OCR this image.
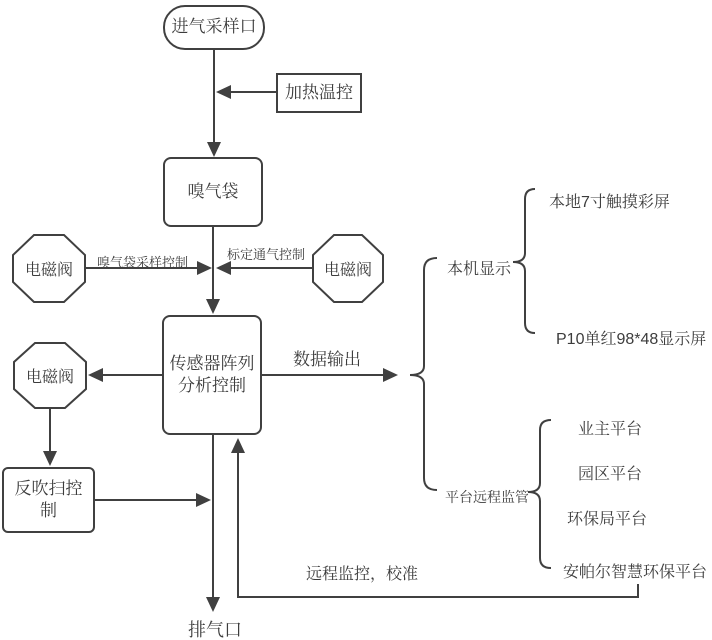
进气采样口
加热温控
嗅气袋
传感器阵列
分析控制
反吹扫控制
电磁阀	电磁阀
电磁阀
嗅气袋采样控制
标定通气控制
数据输出
远程监控，校准
本机显示
本地7寸触摸彩屏
P10单红98*48显示屏
平台远程监管
业主平台
园区平台
环保局平台
安帕尔智慧环保平台
排气口
